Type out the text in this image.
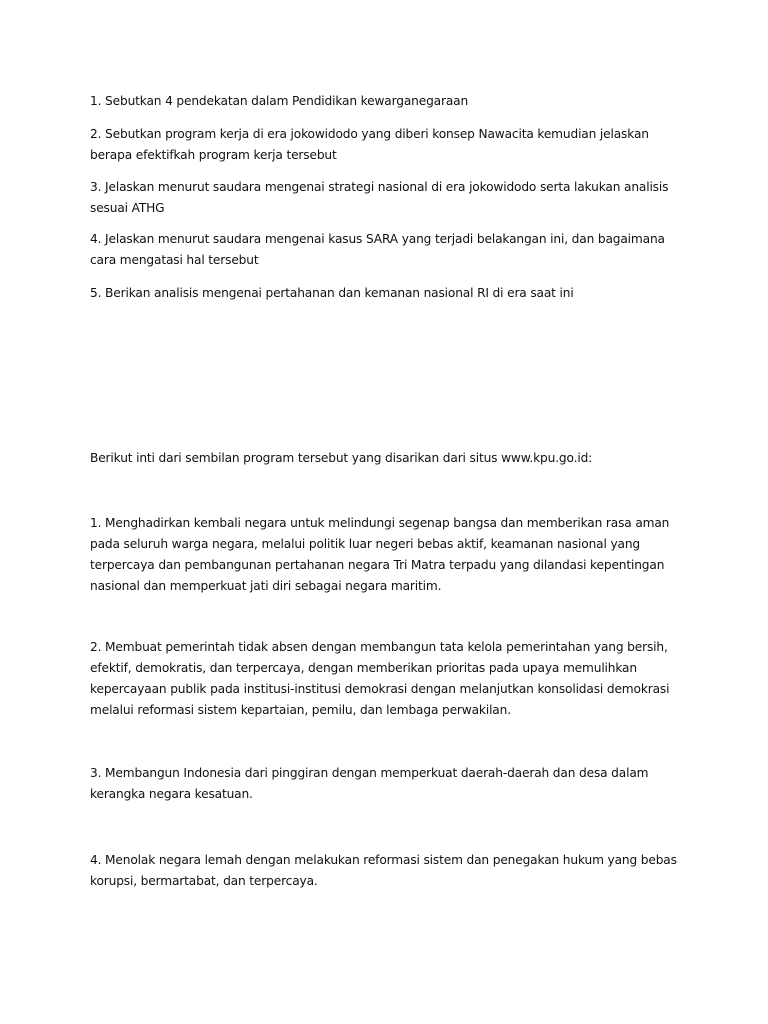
1. Sebutkan 4 pendekatan dalam Pendidikan kewarganegaraan

2. Sebutkan program kerja di era jokowidodo yang diberi konsep Nawacita kemudian jelaskan berapa efektifkah program kerja tersebut

3. Jelaskan menurut saudara mengenai strategi nasional di era jokowidodo serta lakukan analisis sesuai ATHG

4. Jelaskan menurut saudara mengenai kasus SARA yang terjadi belakangan ini, dan bagaimana cara mengatasi hal tersebut

5. Berikan analisis mengenai pertahanan dan kemanan nasional RI di era saat ini

Berikut inti dari sembilan program tersebut yang disarikan dari situs www.kpu.go.id:

1. Menghadirkan kembali negara untuk melindungi segenap bangsa dan memberikan rasa aman pada seluruh warga negara, melalui politik luar negeri bebas aktif, keamanan nasional yang terpercaya dan pembangunan pertahanan negara Tri Matra terpadu yang dilandasi kepentingan nasional dan memperkuat jati diri sebagai negara maritim.

2. Membuat pemerintah tidak absen dengan membangun tata kelola pemerintahan yang bersih, efektif, demokratis, dan terpercaya, dengan memberikan prioritas pada upaya memulihkan kepercayaan publik pada institusi-institusi demokrasi dengan melanjutkan konsolidasi demokrasi melalui reformasi sistem kepartaian, pemilu, dan lembaga perwakilan.

3. Membangun Indonesia dari pinggiran dengan memperkuat daerah-daerah dan desa dalam kerangka negara kesatuan.

4. Menolak negara lemah dengan melakukan reformasi sistem dan penegakan hukum yang bebas korupsi, bermartabat, dan terpercaya.
